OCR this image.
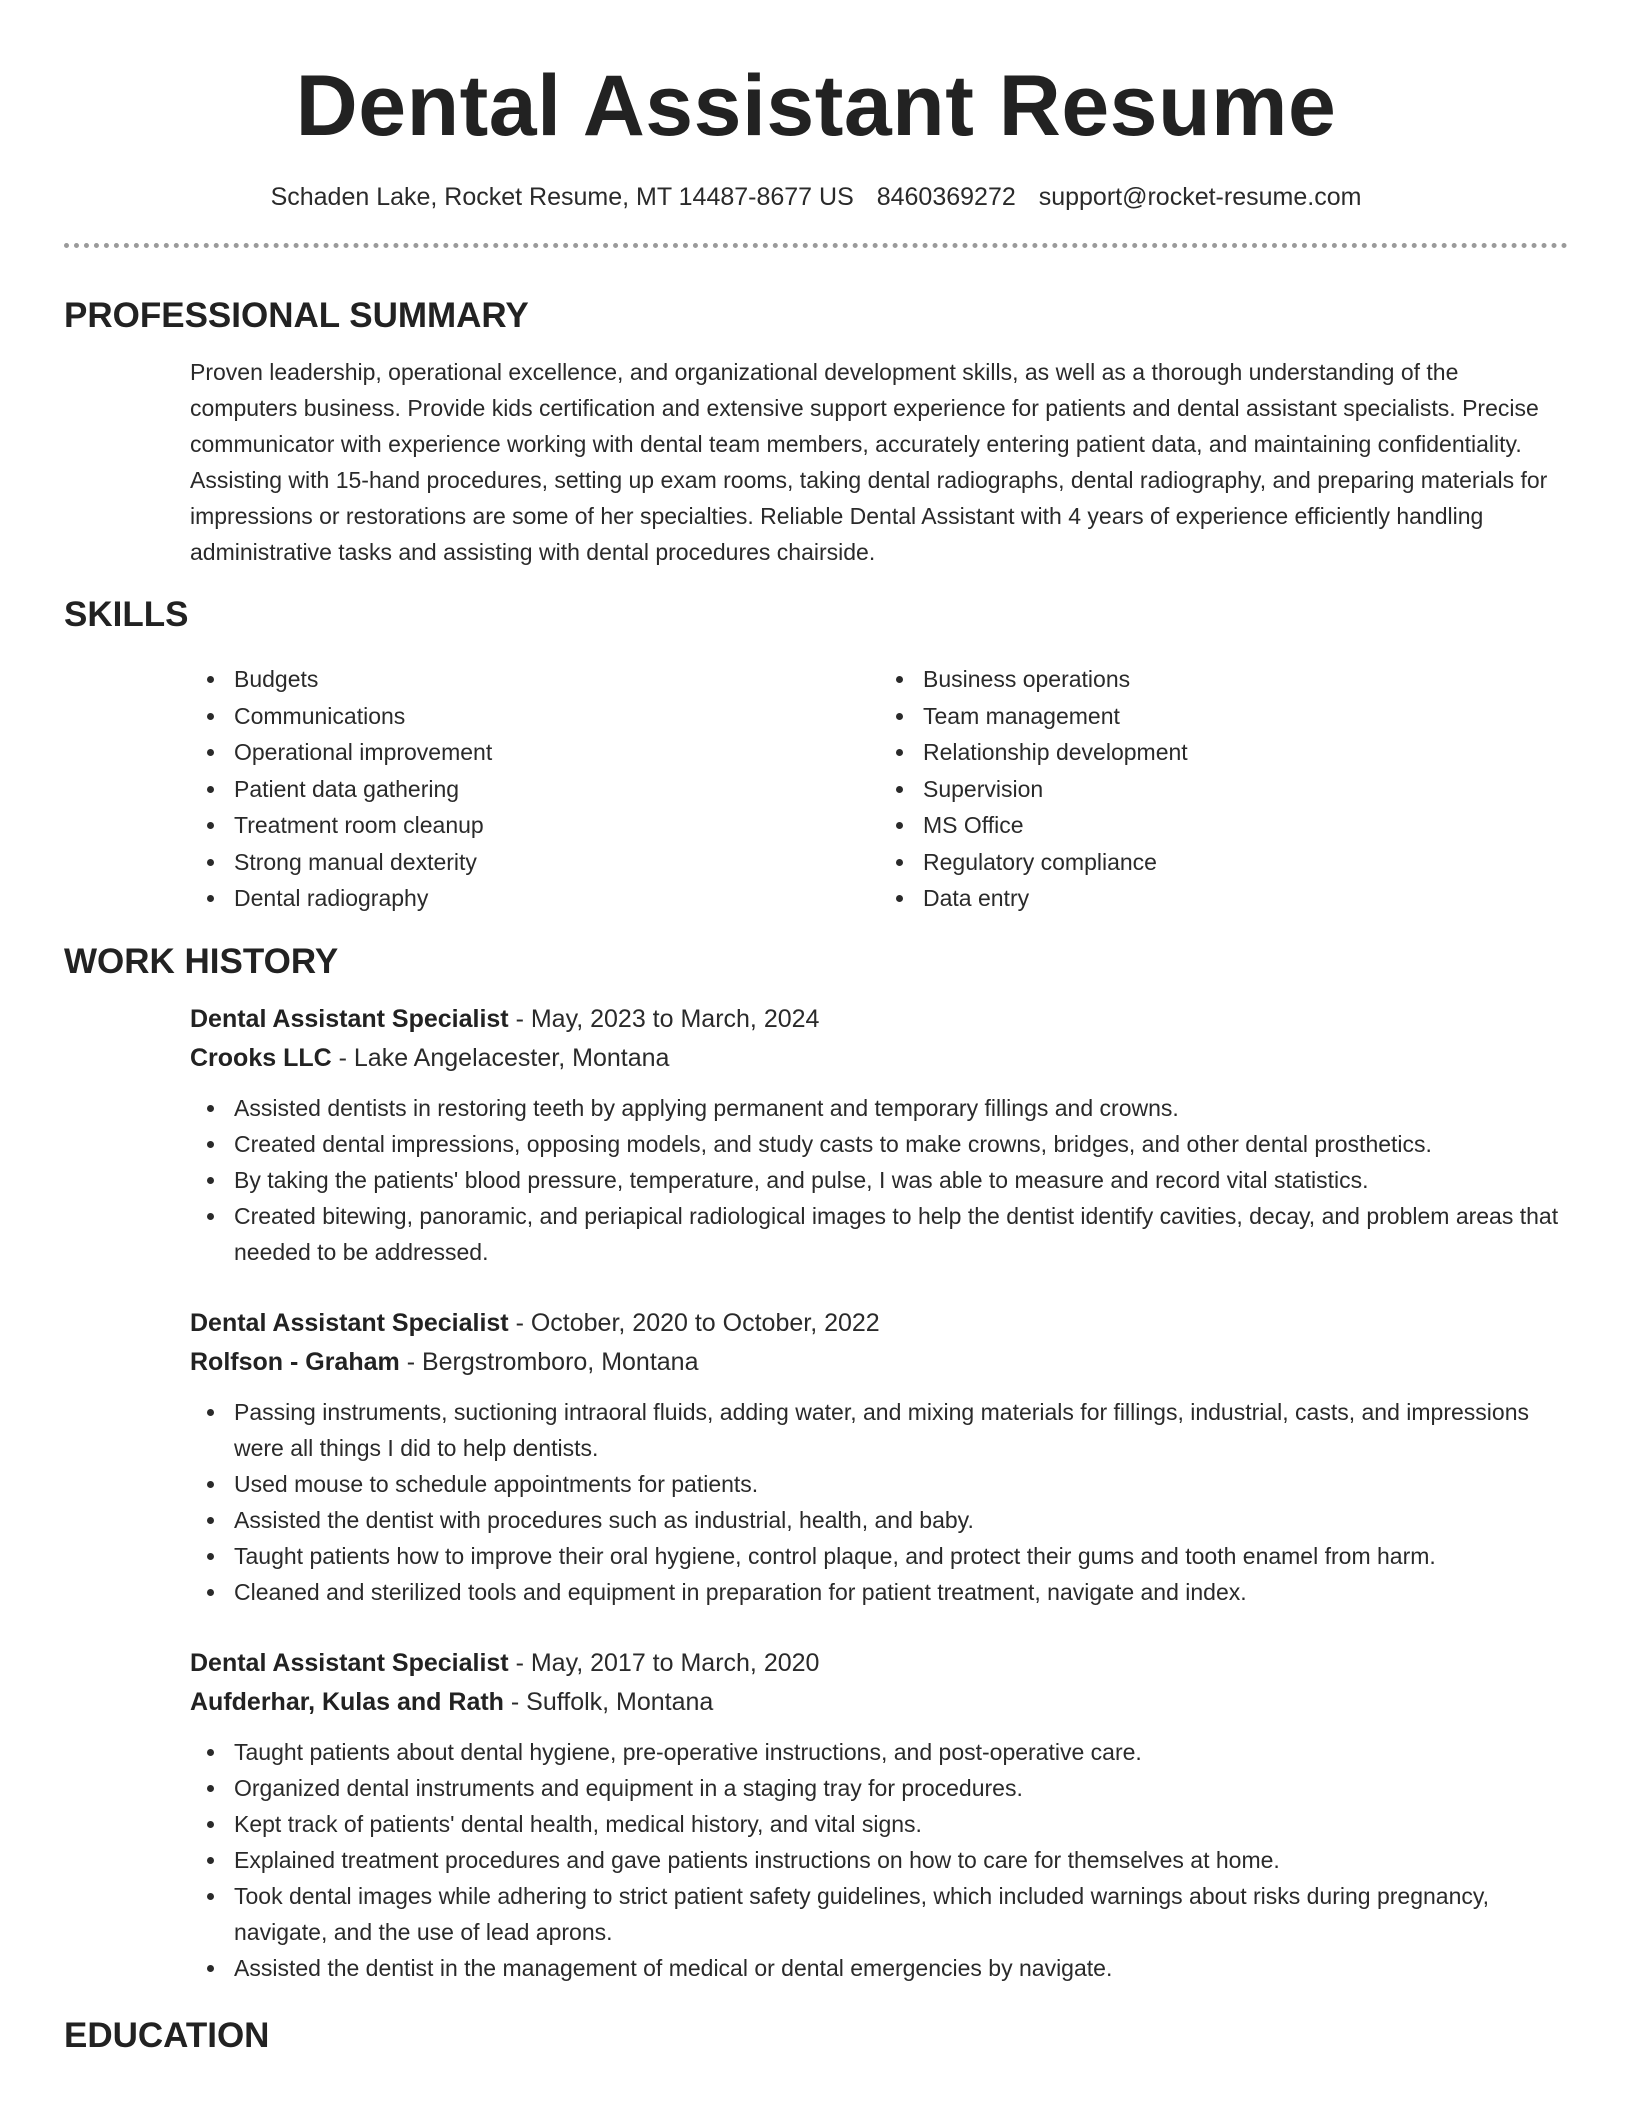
Dental Assistant Resume
Schaden Lake, Rocket Resume, MT 14487-8677 US 8460369272 support@rocket-resume.com
PROFESSIONAL SUMMARY

Proven leadership, operational excellence, and organizational development skills, as well as a thorough understanding of the computers business. Provide kids certification and extensive support experience for patients and dental assistant specialists. Precise communicator with experience working with dental team members, accurately entering patient data, and maintaining confidentiality. Assisting with 15-hand procedures, setting up exam rooms, taking dental radiographs, dental radiography, and preparing materials for impressions or restorations are some of her specialties. Reliable Dental Assistant with 4 years of experience efficiently handling administrative tasks and assisting with dental procedures chairside.

SKILLS
Budgets
Communications
Operational improvement
Patient data gathering
Treatment room cleanup
Strong manual dexterity
Dental radiography
Business operations
Team management
Relationship development
Supervision
MS Office
Regulatory compliance
Data entry
WORK HISTORY
Dental Assistant Specialist - May, 2023 to March, 2024
Crooks LLC - Lake Angelacester, Montana
Assisted dentists in restoring teeth by applying permanent and temporary fillings and crowns.
Created dental impressions, opposing models, and study casts to make crowns, bridges, and other dental prosthetics.
By taking the patients' blood pressure, temperature, and pulse, I was able to measure and record vital statistics.
Created bitewing, panoramic, and periapical radiological images to help the dentist identify cavities, decay, and problem areas that needed to be addressed.
Dental Assistant Specialist - October, 2020 to October, 2022
Rolfson - Graham - Bergstromboro, Montana
Passing instruments, suctioning intraoral fluids, adding water, and mixing materials for fillings, industrial, casts, and impressions were all things I did to help dentists.
Used mouse to schedule appointments for patients.
Assisted the dentist with procedures such as industrial, health, and baby.
Taught patients how to improve their oral hygiene, control plaque, and protect their gums and tooth enamel from harm.
Cleaned and sterilized tools and equipment in preparation for patient treatment, navigate and index.
Dental Assistant Specialist - May, 2017 to March, 2020
Aufderhar, Kulas and Rath - Suffolk, Montana
Taught patients about dental hygiene, pre-operative instructions, and post-operative care.
Organized dental instruments and equipment in a staging tray for procedures.
Kept track of patients' dental health, medical history, and vital signs.
Explained treatment procedures and gave patients instructions on how to care for themselves at home.
Took dental images while adhering to strict patient safety guidelines, which included warnings about risks during pregnancy, navigate, and the use of lead aprons.
Assisted the dentist in the management of medical or dental emergencies by navigate.
EDUCATION
